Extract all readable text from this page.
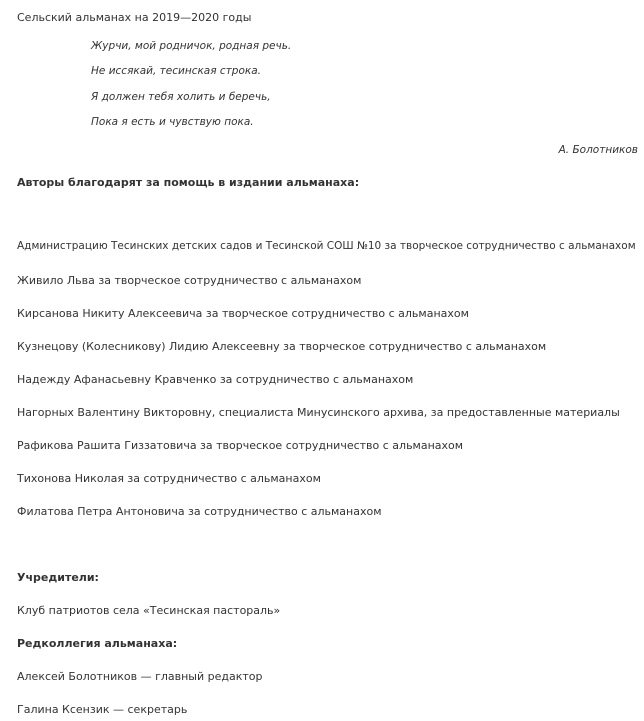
Сельский альманах на 2019—2020 годы
Журчи, мой родничок, родная речь.
Не иссякай, тесинская строка.
Я должен тебя холить и беречь,
Пока я есть и чувствую пока.
А. Болотников
Авторы благодарят за помощь в издании альманаха:
Администрацию Тесинских детских садов и Тесинской СОШ №10 за творческое сотрудничество с альманахом
Живило Льва за творческое сотрудничество с альманахом
Кирсанова Никиту Алексеевича за творческое сотрудничество с альманахом
Кузнецову (Колесникову) Лидию Алексеевну за творческое сотрудничество с альманахом
Надежду Афанасьевну Кравченко за сотрудничество с альманахом
Нагорных Валентину Викторовну, специалиста Минусинского архива, за предоставленные материалы
Рафикова Рашита Гиззатовича за творческое сотрудничество с альманахом
Тихонова Николая за сотрудничество с альманахом
Филатова Петра Антоновича за сотрудничество с альманахом
Учредители:
Клуб патриотов села «Тесинская пастораль»
Редколлегия альманаха:
Алексей Болотников — главный редактор
Галина Ксензик — секретарь
